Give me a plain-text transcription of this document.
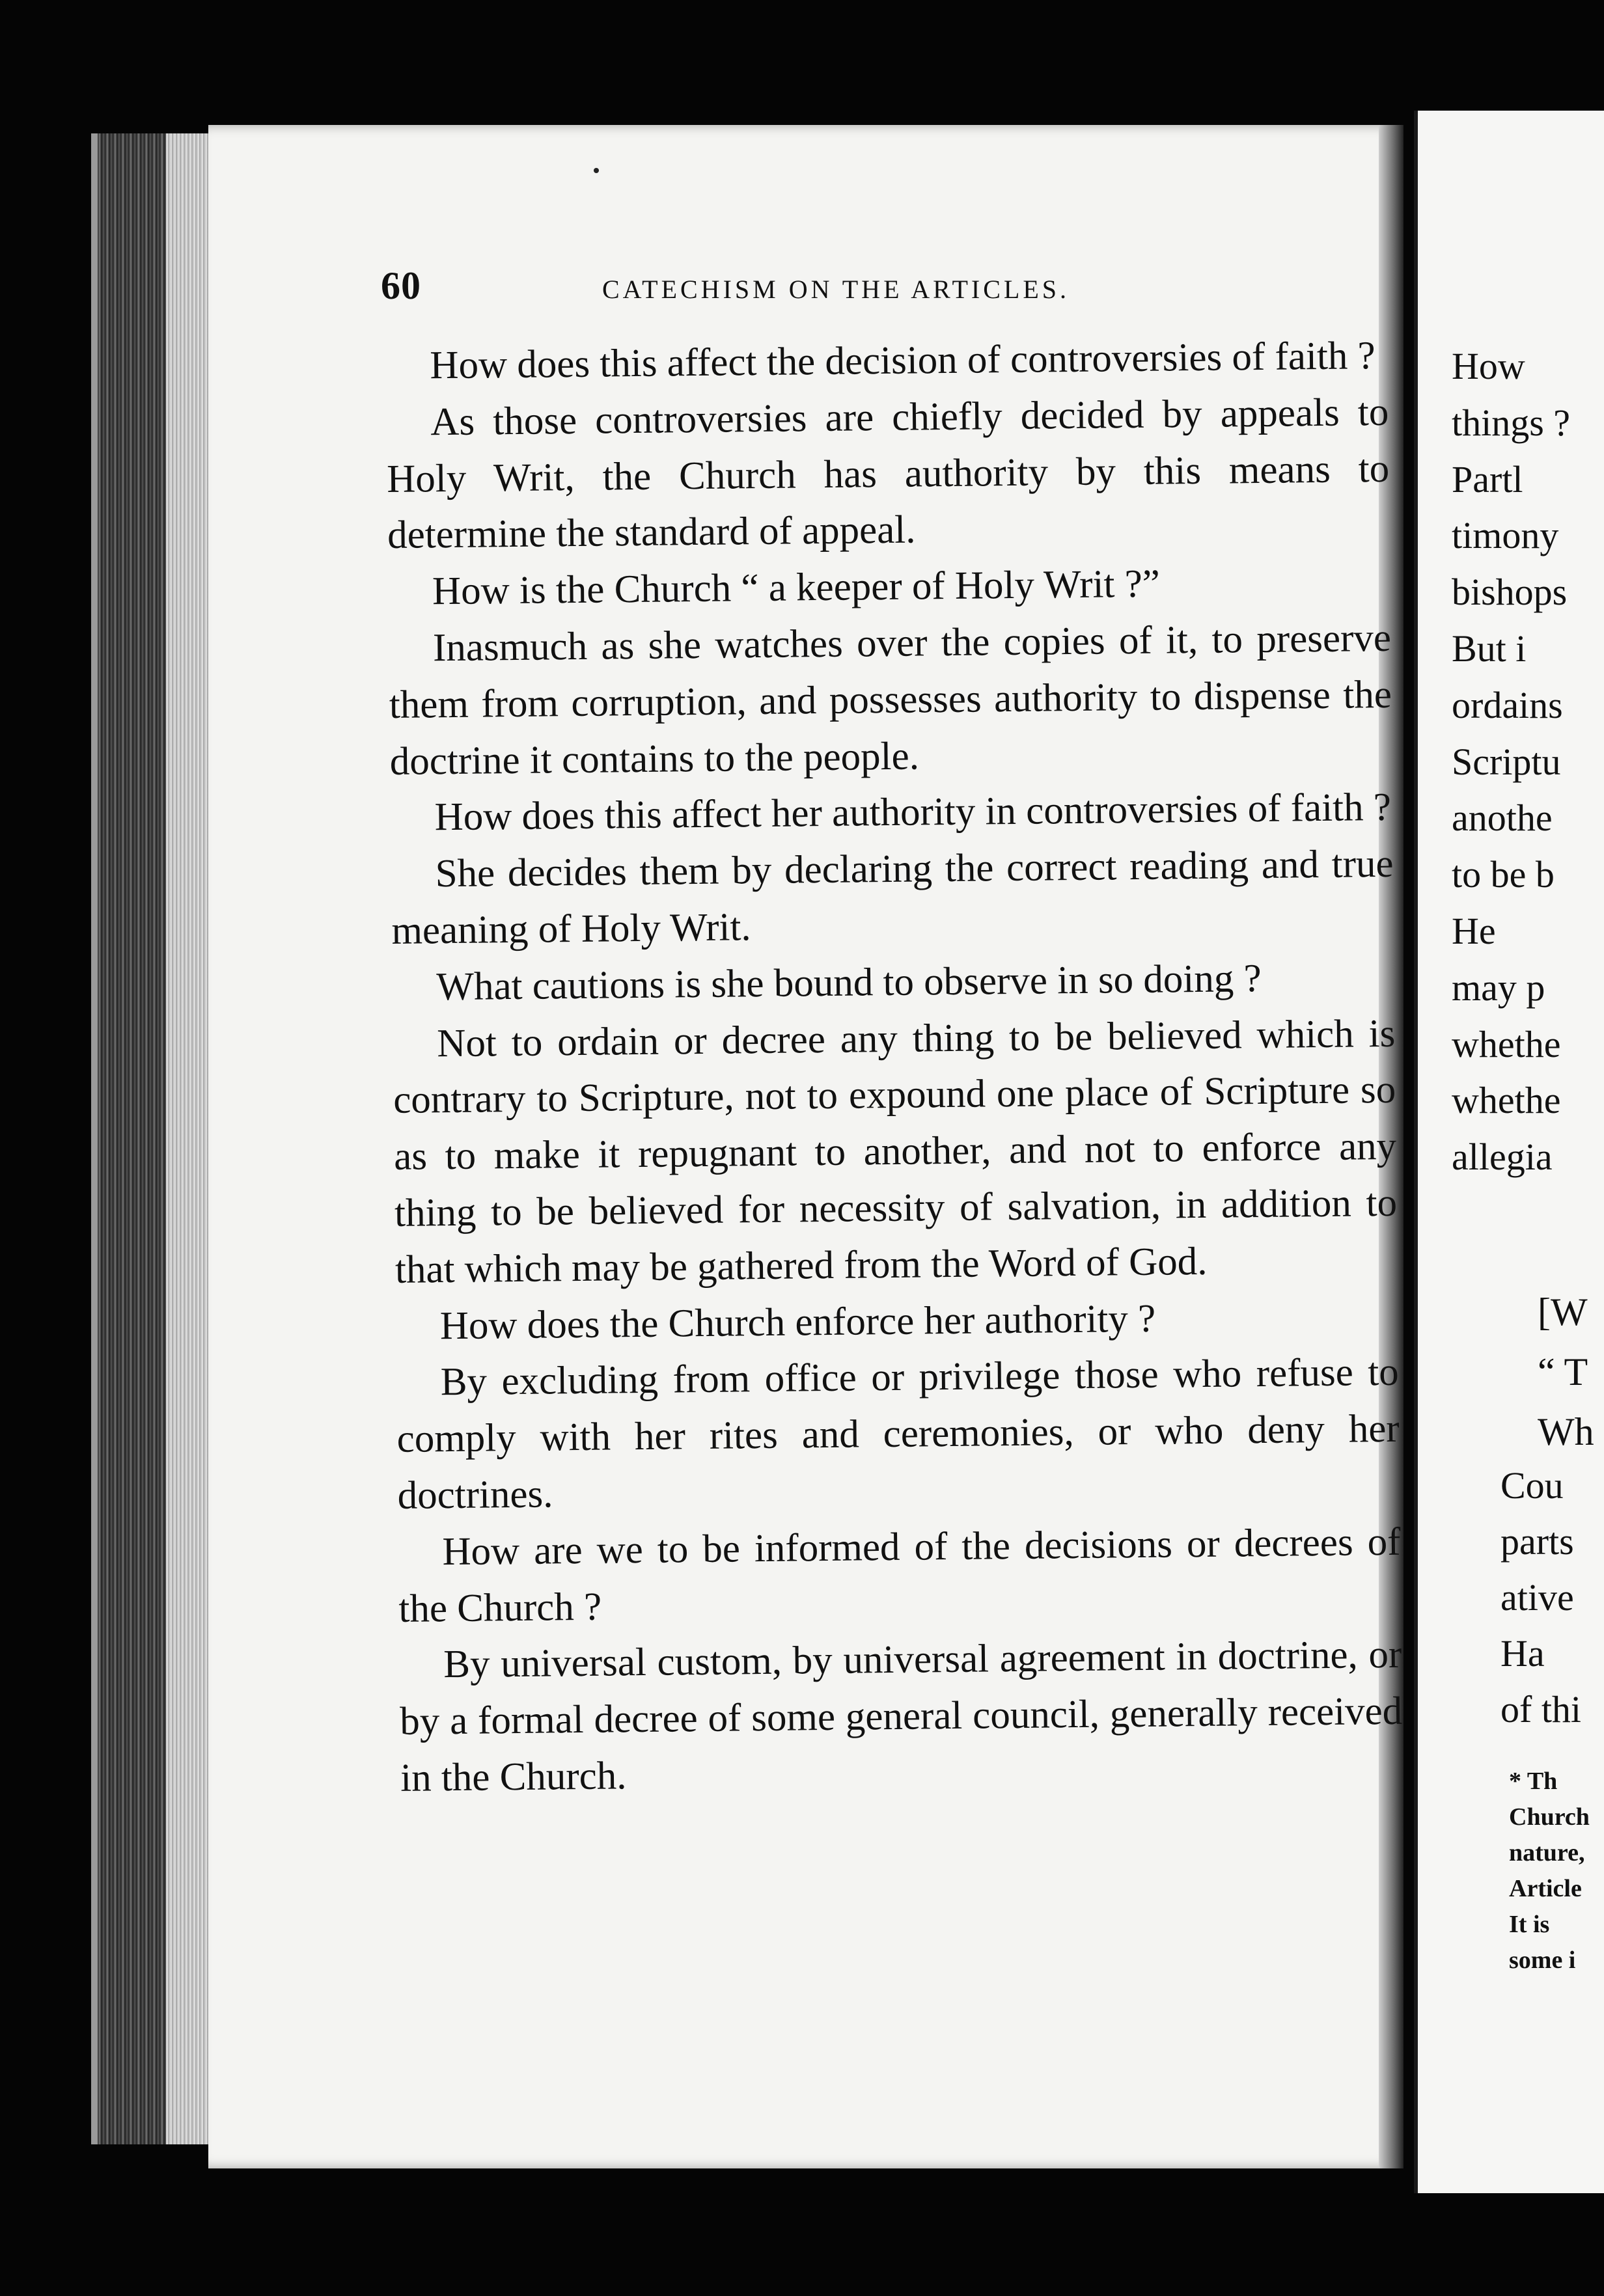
60	CATECHISM ON THE ARTICLES.

How does this affect the decision of controversies of faith ?

As those controversies are chiefly decided by appeals to Holy Writ, the Church has authority by this means to determine the standard of appeal.

How is the Church “ a keeper of Holy Writ ?”

Inasmuch as she watches over the copies of it, to preserve them from corruption, and possesses authority to dispense the doctrine it contains to the people.

How does this affect her authority in controversies of faith ?

She decides them by declaring the correct reading and true meaning of Holy Writ.

What cautions is she bound to observe in so doing ?

Not to ordain or decree any thing to be believed which is contrary to Scripture, not to expound one place of Scripture so as to make it repugnant to another, and not to enforce any thing to be believed for necessity of salvation, in addition to that which may be gathered from the Word of God.

How does the Church enforce her authority ?

By excluding from office or privilege those who refuse to comply with her rites and ceremonies, or who deny her doctrines.

How are we to be informed of the decisions or decrees of the Church ?

By universal custom, by universal agreement in doctrine, or by a formal decree of some general council, generally received in the Church.

How
things ?
Partl
timony
bishops
But i
ordains
Scriptu
anothe
to be b
He
may p
whethe
whethe
allegia
[W
“ T
Wh
Cou
parts
ative
Ha
of thi
* Th
Church
nature,
Article
It is
some i
